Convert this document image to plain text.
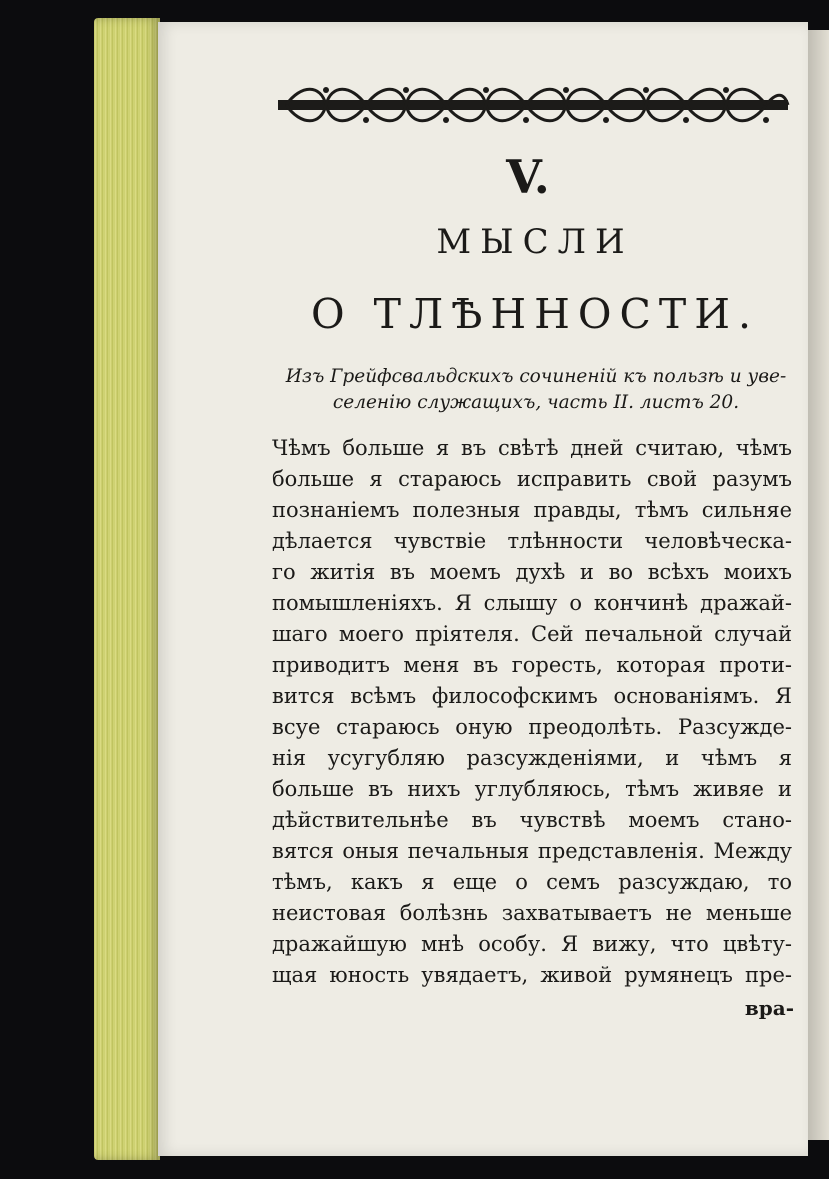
V.
МЫСЛИ
О ТЛѢННОСТИ.
Изъ Грейфсвальдскихъ сочиненій къ пользѣ и уве-
селенію служащихъ, часть II. листъ 20.
Чѣмъ больше я въ свѣтѣ дней считаю, чѣмъ
больше я стараюсь исправить свой разумъ
познаніемъ полезныя правды, тѣмъ сильняе
дѣлается чувствіе тлѣнности человѣческа-
го житія въ моемъ духѣ и во всѣхъ моихъ
помышленіяхъ. Я слышу о кончинѣ дражай-
шаго моего пріятеля. Сей печальной случай
приводитъ меня въ горесть, которая проти-
вится всѣмъ философскимъ основаніямъ. Я
всуе стараюсь оную преодолѣть. Разсужде-
нія усугубляю разсужденіями, и чѣмъ я
больше въ нихъ углубляюсь, тѣмъ живяе и
дѣйствительнѣе въ чувствѣ моемъ стано-
вятся оныя печальныя представленія. Между
тѣмъ, какъ я еще о семъ разсуждаю, то
неистовая болѣзнь захватываетъ не меньше
дражайшую мнѣ особу. Я вижу, что цвѣту-
щая юность увядаетъ, живой румянецъ пре-
вра-
